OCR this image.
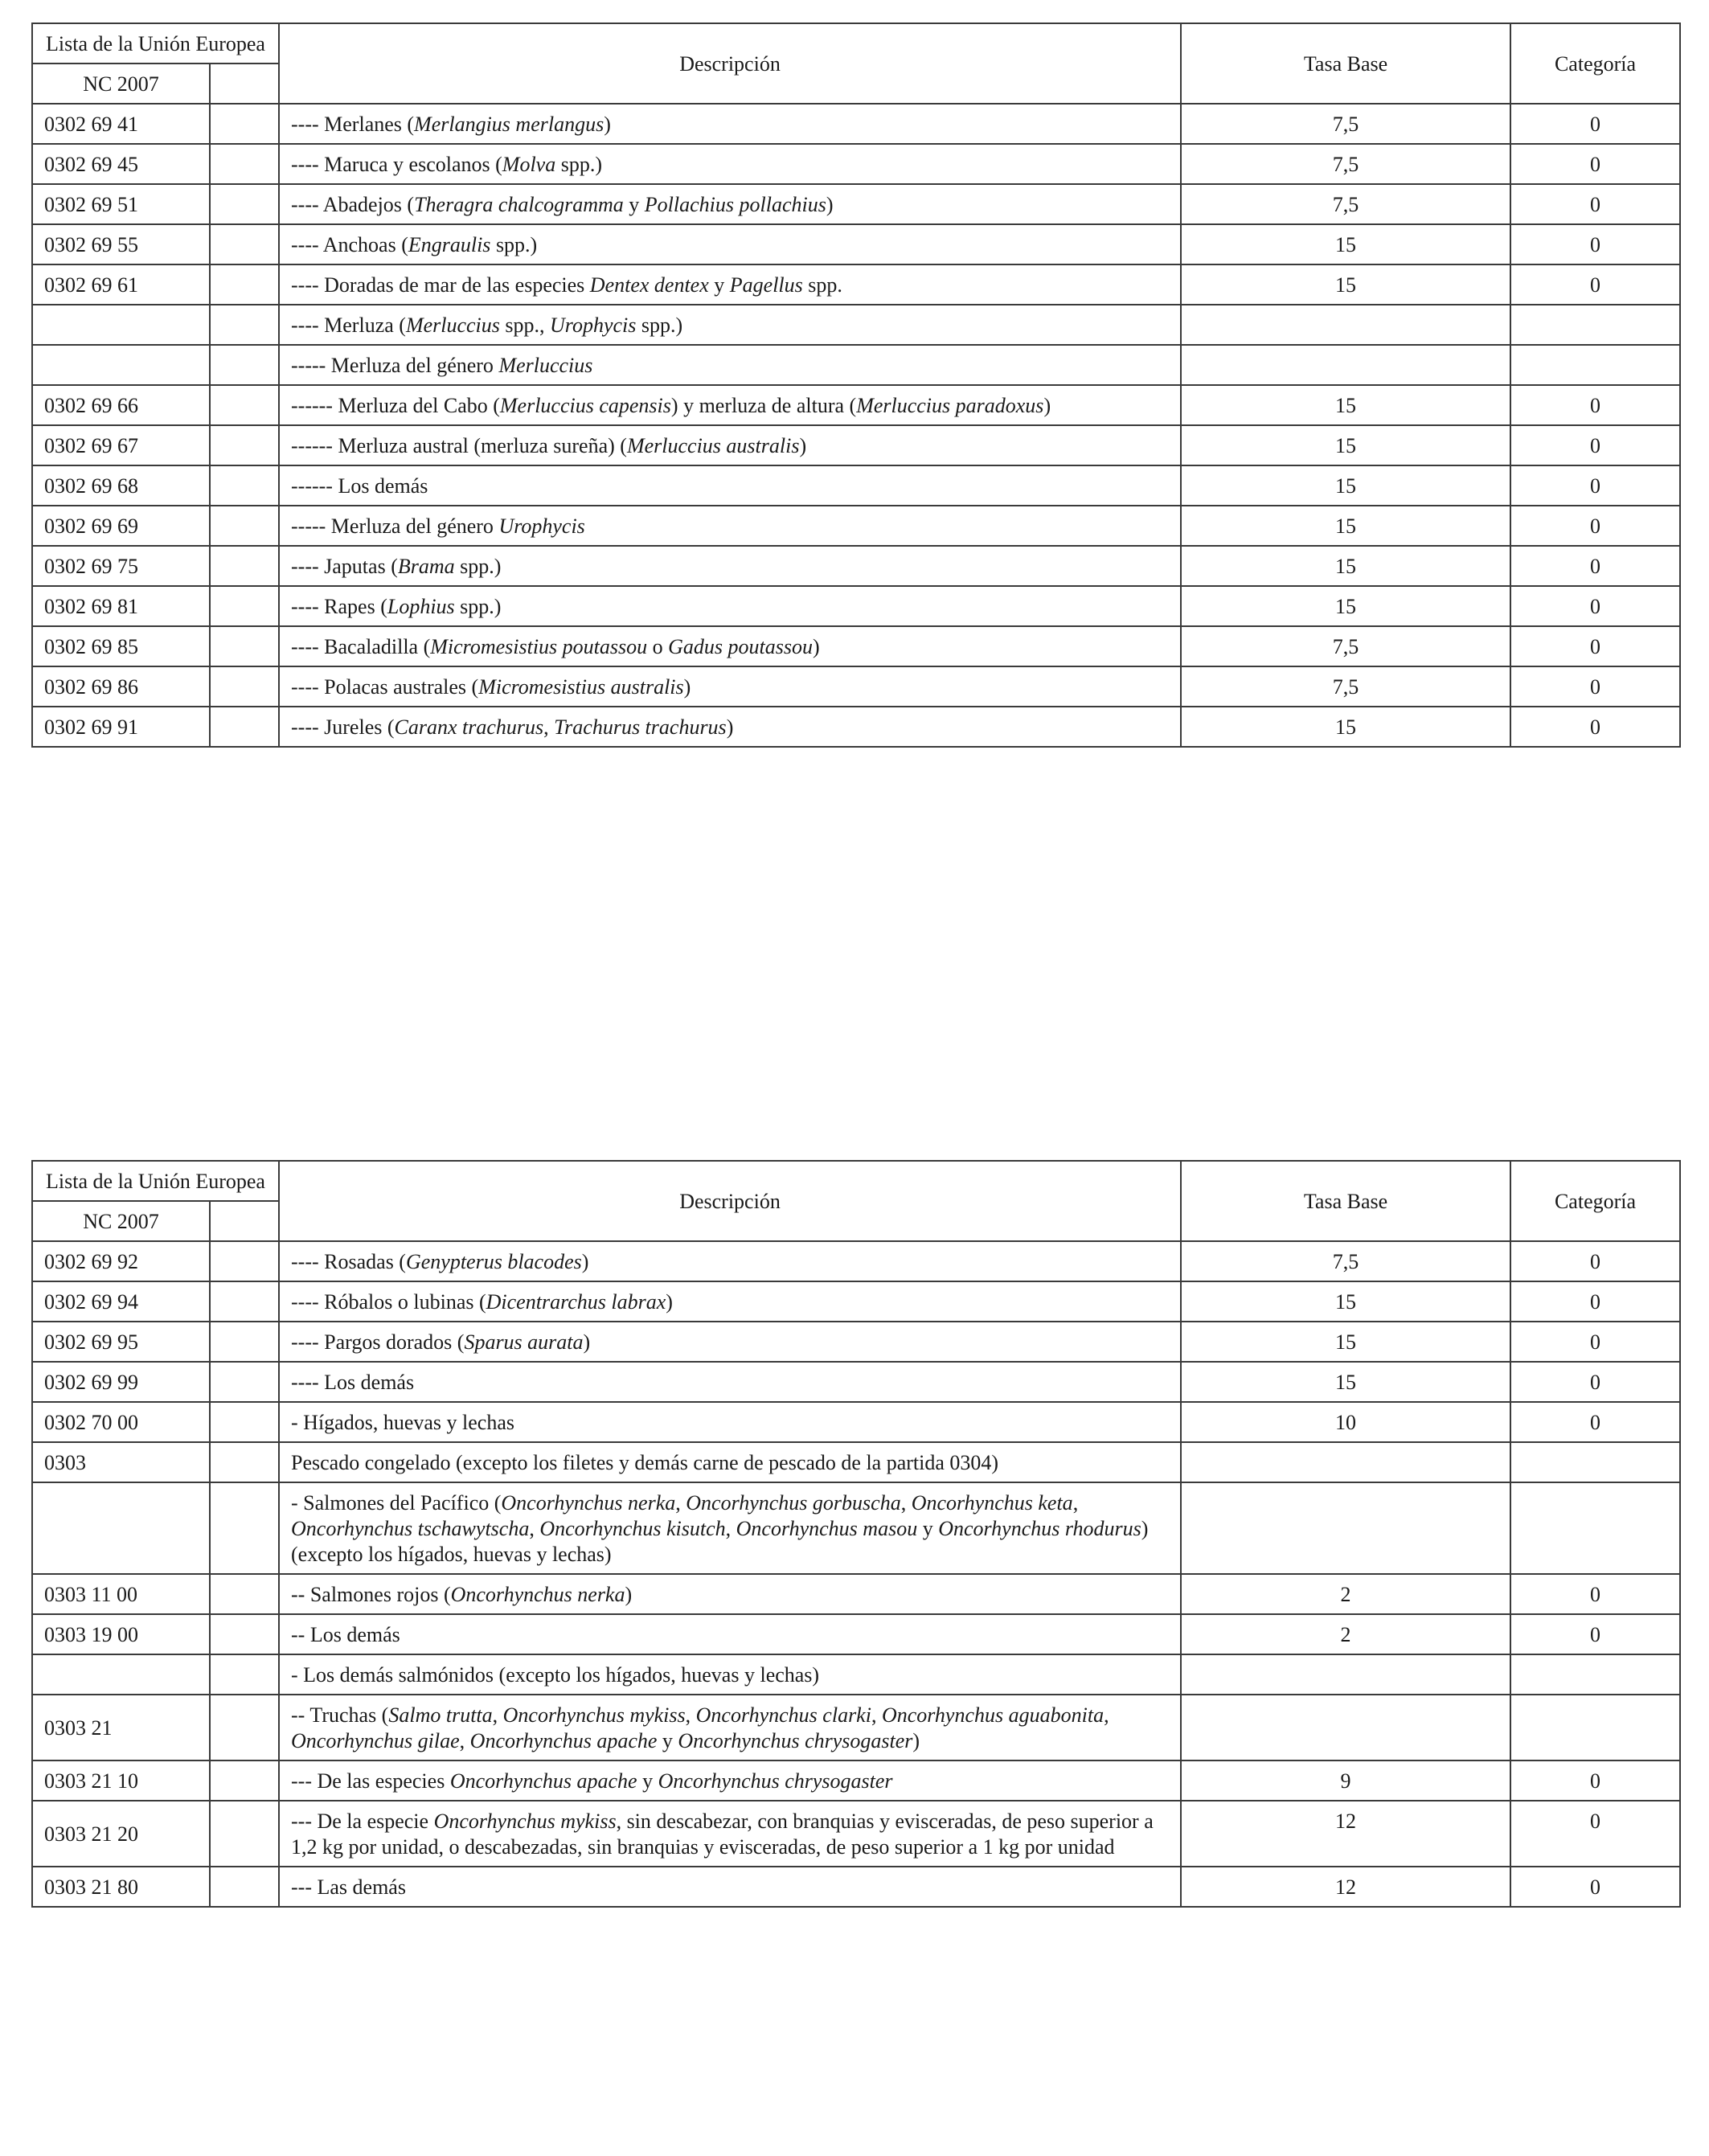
Lista de la Unión Europea		Descripción	Tasa Base	Categoría
NC 2007				
0302 69 41		---- Merlanes (Merlangius merlangus)	7,5	0
0302 69 45		---- Maruca y escolanos (Molva spp.)	7,5	0
0302 69 51		---- Abadejos (Theragra chalcogramma y Pollachius pollachius)	7,5	0
0302 69 55		---- Anchoas (Engraulis spp.)	15	0
0302 69 61		---- Doradas de mar de las especies Dentex dentex y Pagellus spp.	15	0
		---- Merluza (Merluccius spp., Urophycis spp.)		
		----- Merluza del género Merluccius		
0302 69 66		------ Merluza del Cabo (Merluccius capensis) y merluza de altura (Merluccius paradoxus)	15	0
0302 69 67		------ Merluza austral (merluza sureña) (Merluccius australis)	15	0
0302 69 68		------ Los demás	15	0
0302 69 69		----- Merluza del género Urophycis	15	0
0302 69 75		---- Japutas (Brama spp.)	15	0
0302 69 81		---- Rapes (Lophius spp.)	15	0
0302 69 85		---- Bacaladilla (Micromesistius poutassou o Gadus poutassou)	7,5	0
0302 69 86		---- Polacas australes (Micromesistius australis)	7,5	0
0302 69 91		---- Jureles (Caranx trachurus, Trachurus trachurus)	15	0
Lista de la Unión Europea		Descripción	Tasa Base	Categoría
NC 2007				
0302 69 92		---- Rosadas (Genypterus blacodes)	7,5	0
0302 69 94		---- Róbalos o lubinas (Dicentrarchus labrax)	15	0
0302 69 95		---- Pargos dorados (Sparus aurata)	15	0
0302 69 99		---- Los demás	15	0
0302 70 00		- Hígados, huevas y lechas	10	0
0303		Pescado congelado (excepto los filetes y demás carne de pescado de la partida 0304)		
		- Salmones del Pacífico (Oncorhynchus nerka, Oncorhynchus gorbuscha, Oncorhynchus keta, Oncorhynchus tschawytscha, Oncorhynchus kisutch, Oncorhynchus masou y Oncorhynchus rhodurus) (excepto los hígados, huevas y lechas)		
0303 11 00		-- Salmones rojos (Oncorhynchus nerka)	2	0
0303 19 00		-- Los demás	2	0
		- Los demás salmónidos (excepto los hígados, huevas y lechas)		
0303 21		-- Truchas (Salmo trutta, Oncorhynchus mykiss, Oncorhynchus clarki, Oncorhynchus aguabonita, Oncorhynchus gilae, Oncorhynchus apache y Oncorhynchus chrysogaster)		
0303 21 10		--- De las especies Oncorhynchus apache y Oncorhynchus chrysogaster	9	0
0303 21 20		--- De la especie Oncorhynchus mykiss, sin descabezar, con branquias y evisceradas, de peso superior a 1,2 kg por unidad, o descabezadas, sin branquias y evisceradas, de peso superior a 1 kg por unidad	12	0
0303 21 80		--- Las demás	12	0
